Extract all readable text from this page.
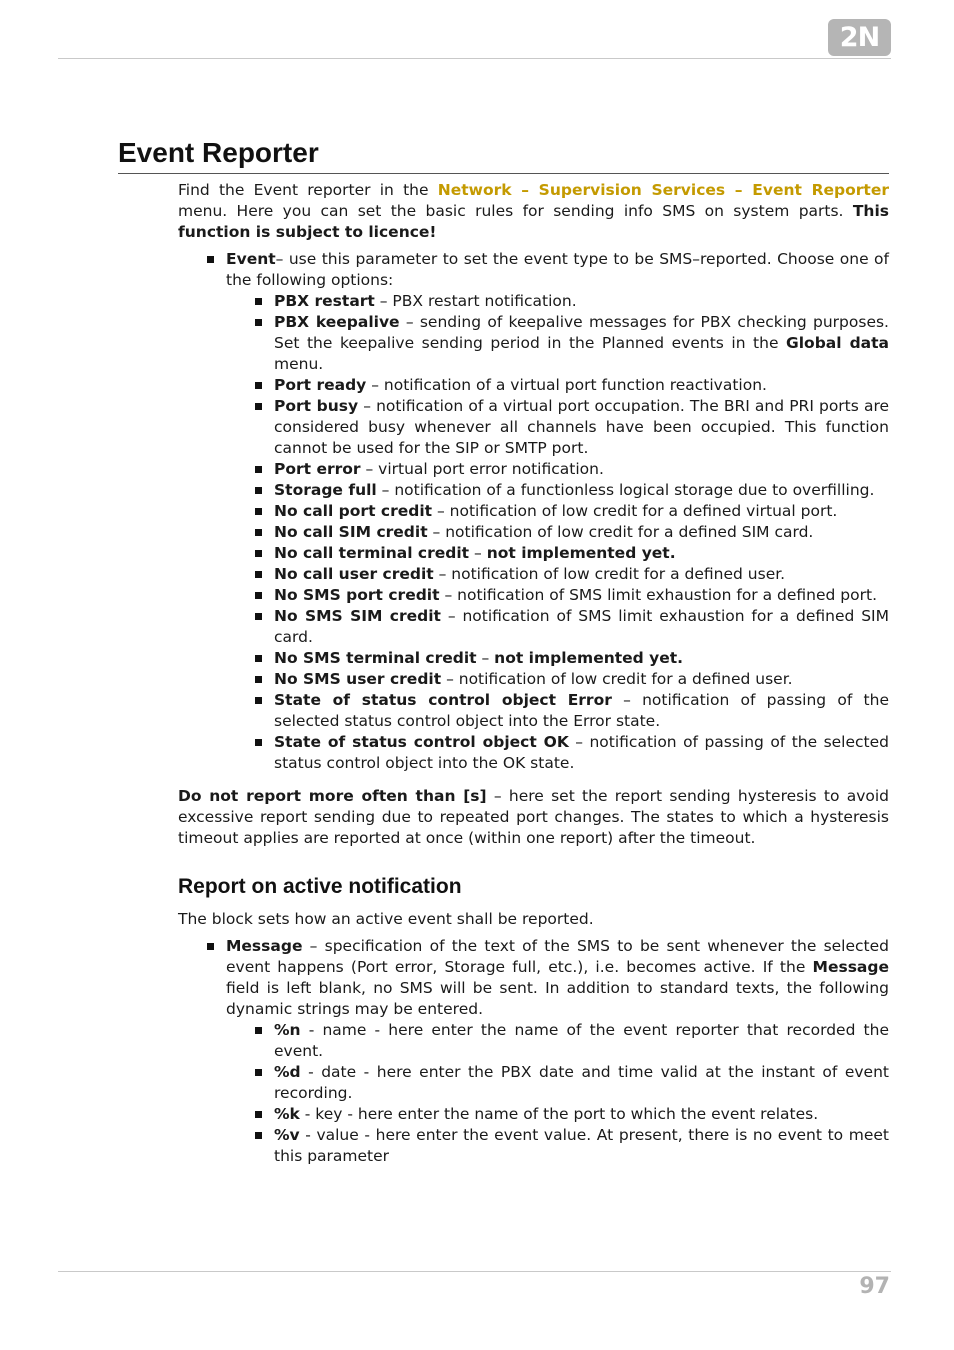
2N
Event Reporter

Find the Event reporter in the Network – Supervision Services – Event Reporter menu. Here you can set the basic rules for sending info SMS on system parts. This function is subject to licence!

Event– use this parameter to set the event type to be SMS–reported. Choose one of the following options:
PBX restart – PBX restart notification.
PBX keepalive – sending of keepalive messages for PBX checking purposes. Set the keepalive sending period in the Planned events in the Global data menu.
Port ready – notification of a virtual port function reactivation.
Port busy – notification of a virtual port occupation. The BRI and PRI ports are considered busy whenever all channels have been occupied. This function cannot be used for the SIP or SMTP port.
Port error – virtual port error notification.
Storage full – notification of a functionless logical storage due to overfilling.
No call port credit – notification of low credit for a defined virtual port.
No call SIM credit – notification of low credit for a defined SIM card.
No call terminal credit – not implemented yet.
No call user credit – notification of low credit for a defined user.
No SMS port credit – notification of SMS limit exhaustion for a defined port.
No SMS SIM credit – notification of SMS limit exhaustion for a defined SIM card.
No SMS terminal credit – not implemented yet.
No SMS user credit – notification of low credit for a defined user.
State of status control object Error – notification of passing of the selected status control object into the Error state.
State of status control object OK – notification of passing of the selected status control object into the OK state.

Do not report more often than [s] – here set the report sending hysteresis to avoid excessive report sending due to repeated port changes. The states to which a hysteresis timeout applies are reported at once (within one report) after the timeout.

Report on active notification

The block sets how an active event shall be reported.

Message – specification of the text of the SMS to be sent whenever the selected event happens (Port error, Storage full, etc.), i.e. becomes active. If the Message field is left blank, no SMS will be sent. In addition to standard texts, the following dynamic strings may be entered.
%n - name - here enter the name of the event reporter that recorded the event.
%d - date - here enter the PBX date and time valid at the instant of event recording.
%k - key - here enter the name of the port to which the event relates.
%v - value - here enter the event value. At present, there is no event to meet this parameter
97
